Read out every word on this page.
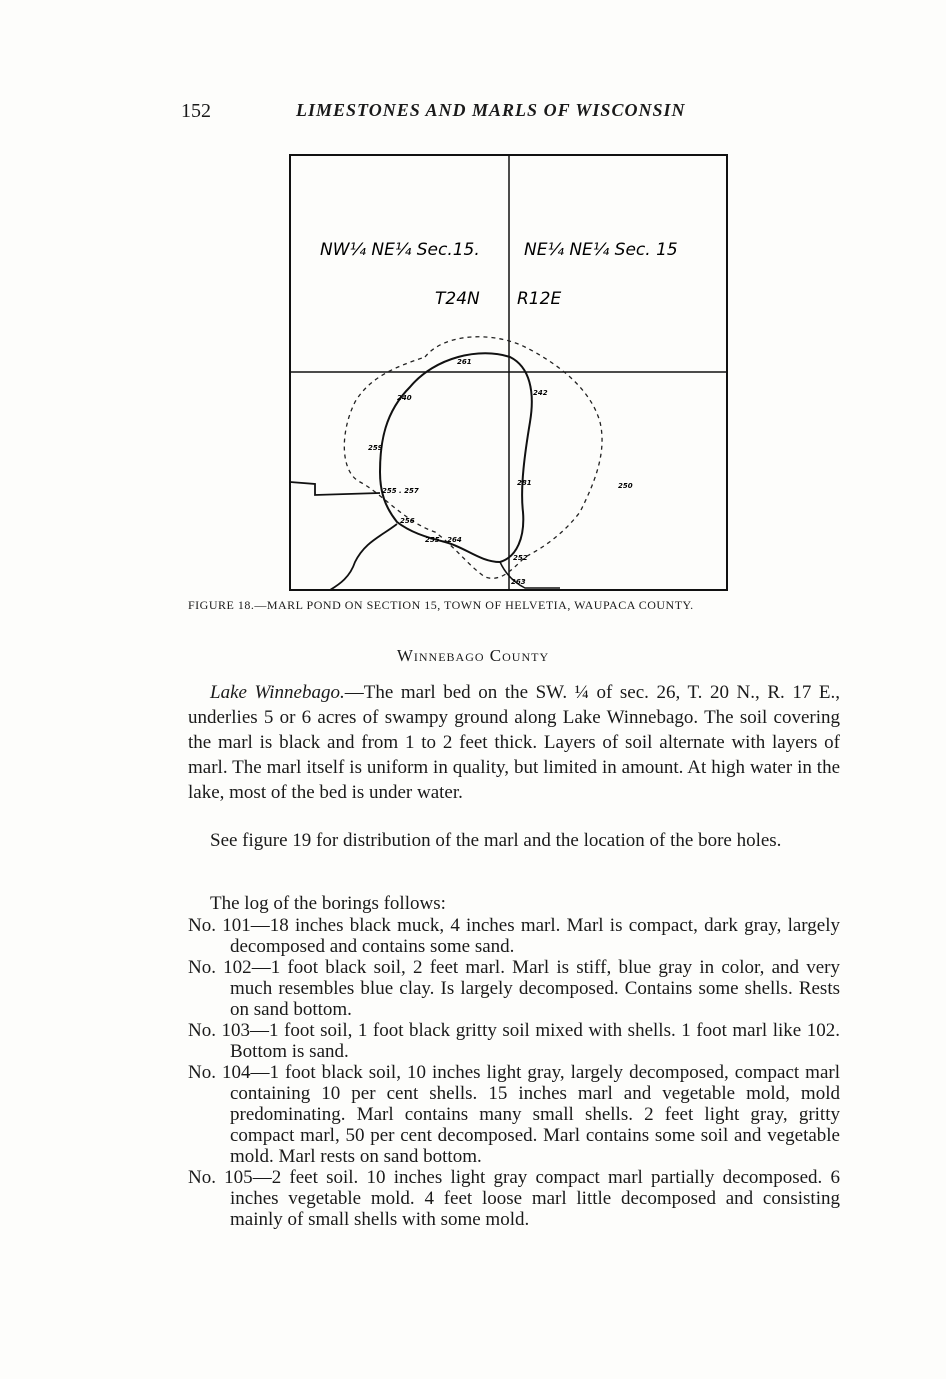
152	LIMESTONES AND MARLS OF WISCONSIN
NW¼ NE¼ Sec.15.	NE¼ NE¼ Sec. 15
T24N R12E
261
242
240
259
281	250
255 . 257
256
255 . 264
252
263
FIGURE 18.—MARL POND ON SECTION 15, TOWN OF HELVETIA, WAUPACA COUNTY.
Winnebago County

Lake Winnebago.—The marl bed on the SW. ¼ of sec. 26, T. 20 N., R. 17 E., underlies 5 or 6 acres of swampy ground along Lake Winnebago. The soil covering the marl is black and from 1 to 2 feet thick. Layers of soil alternate with layers of marl. The marl itself is uniform in quality, but limited in amount. At high water in the lake, most of the bed is under water.

See figure 19 for distribution of the marl and the location of the bore holes.

The log of the borings follows:

No. 101—18 inches black muck, 4 inches marl. Marl is compact, dark gray, largely decomposed and contains some sand.
No. 102—1 foot black soil, 2 feet marl. Marl is stiff, blue gray in color, and very much resembles blue clay. Is largely decomposed. Contains some shells. Rests on sand bottom.
No. 103—1 foot soil, 1 foot black gritty soil mixed with shells. 1 foot marl like 102. Bottom is sand.
No. 104—1 foot black soil, 10 inches light gray, largely decomposed, compact marl containing 10 per cent shells. 15 inches marl and vegetable mold, mold predominating. Marl contains many small shells. 2 feet light gray, gritty compact marl, 50 per cent decomposed. Marl contains some soil and vegetable mold. Marl rests on sand bottom.
No. 105—2 feet soil. 10 inches light gray compact marl partially decomposed. 6 inches vegetable mold. 4 feet loose marl little decomposed and consisting mainly of small shells with some mold.
